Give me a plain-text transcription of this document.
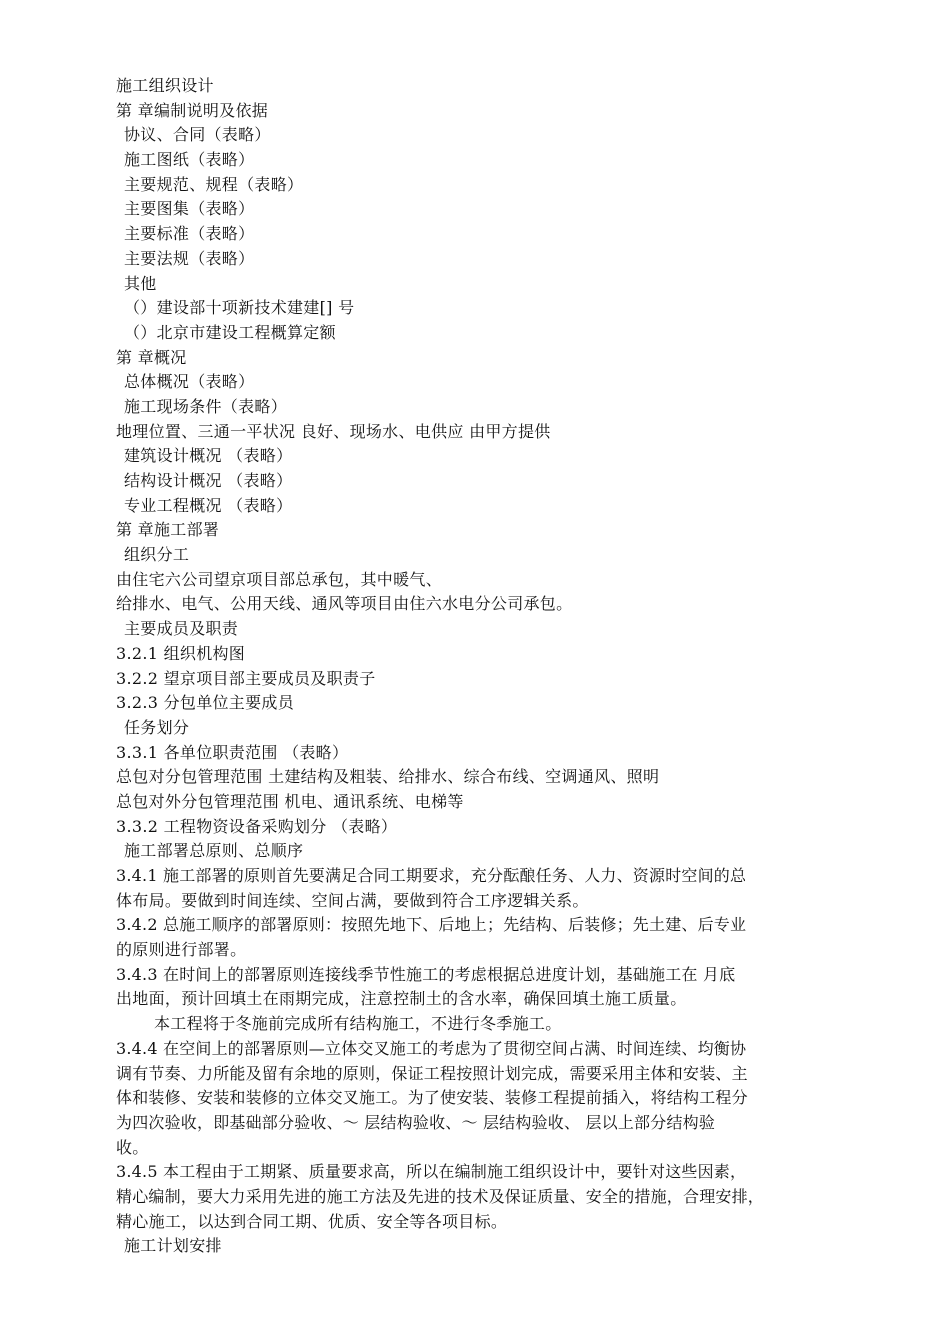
施工组织设计
第 章编制说明及依据
协议、合同（表略）
施工图纸（表略）
主要规范、规程（表略）
主要图集（表略）
主要标准（表略）
主要法规（表略）
其他
（）建设部十项新技术建建[] 号
（）北京市建设工程概算定额
第 章概况
总体概况（表略）
施工现场条件（表略）
地理位置、三通一平状况 良好、现场水、电供应 由甲方提供
建筑设计概况 （表略）
结构设计概况 （表略）
专业工程概况 （表略）
第 章施工部署
组织分工
由住宅六公司望京项目部总承包，其中暖气、
给排水、电气、公用天线、通风等项目由住六水电分公司承包。
主要成员及职责
3.2.1 组织机构图
3.2.2 望京项目部主要成员及职责子
3.2.3 分包单位主要成员
任务划分
3.3.1 各单位职责范围 （表略）
总包对分包管理范围 土建结构及粗装、给排水、综合布线、空调通风、照明
总包对外分包管理范围 机电、通讯系统、电梯等
3.3.2 工程物资设备采购划分 （表略）
施工部署总原则、总顺序
3.4.1 施工部署的原则首先要满足合同工期要求，充分酝酿任务、人力、资源时空间的总
体布局。要做到时间连续、空间占满，要做到符合工序逻辑关系。
3.4.2 总施工顺序的部署原则：按照先地下、后地上；先结构、后装修；先土建、后专业
的原则进行部署。
3.4.3 在时间上的部署原则连接线季节性施工的考虑根据总进度计划，基础施工在 月底
出地面，预计回填土在雨期完成，注意控制土的含水率，确保回填土施工质量。
本工程将于冬施前完成所有结构施工，不进行冬季施工。
3.4.4 在空间上的部署原则—立体交叉施工的考虑为了贯彻空间占满、时间连续、均衡协
调有节奏、力所能及留有余地的原则，保证工程按照计划完成，需要采用主体和安装、主
体和装修、安装和装修的立体交叉施工。为了使安装、装修工程提前插入，将结构工程分
为四次验收，即基础部分验收、～ 层结构验收、～ 层结构验收、 层以上部分结构验
收。
3.4.5 本工程由于工期紧、质量要求高，所以在编制施工组织设计中，要针对这些因素，
精心编制，要大力采用先进的施工方法及先进的技术及保证质量、安全的措施，合理安排，
精心施工，以达到合同工期、优质、安全等各项目标。
施工计划安排
